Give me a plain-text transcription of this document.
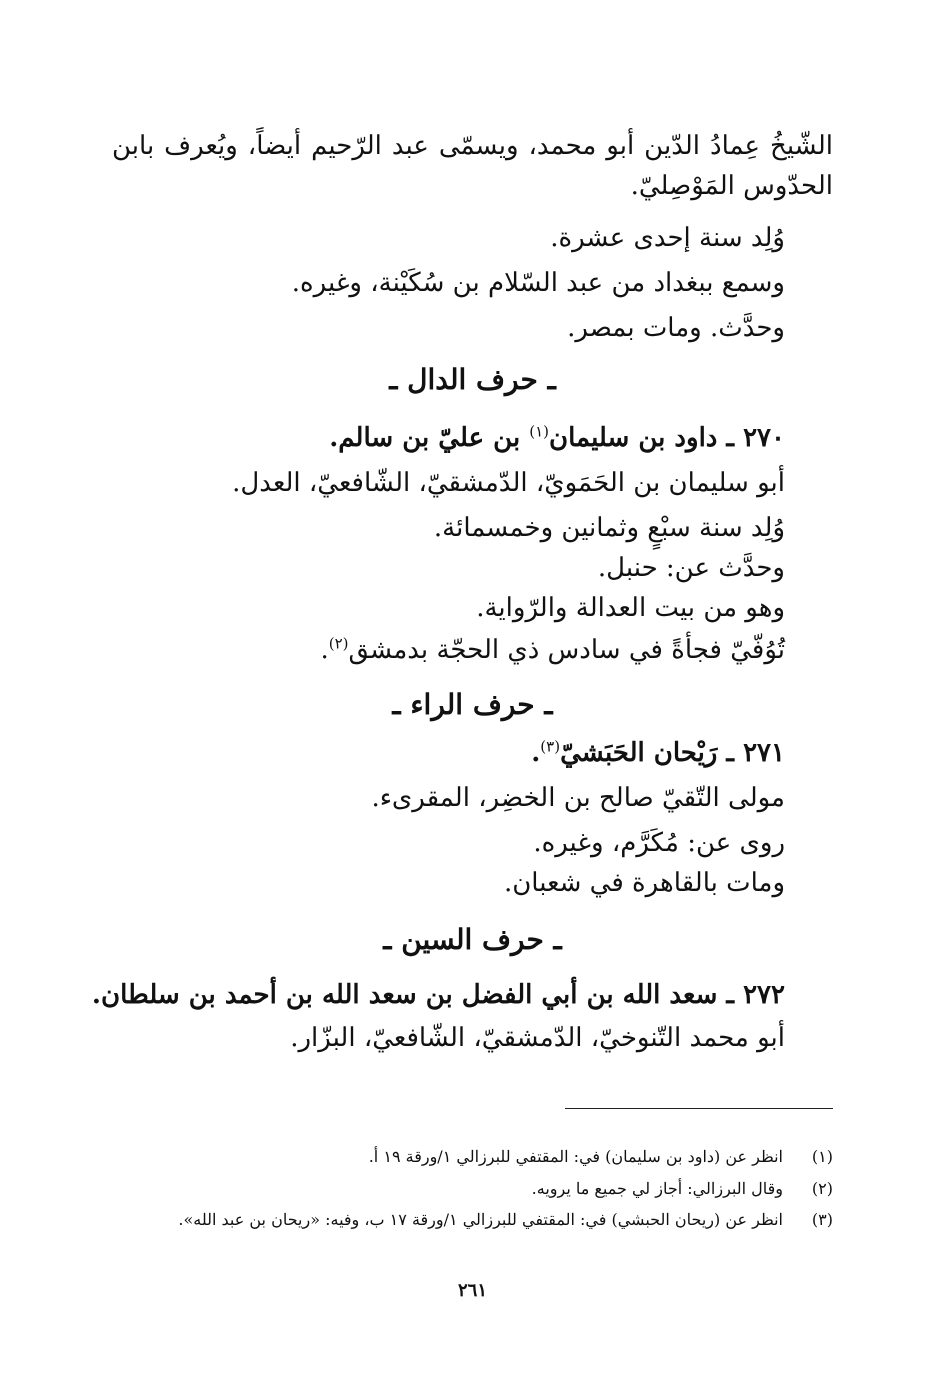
الشّيخُ عِمادُ الدّين أبو محمد، ويسمّى عبد الرّحيم أيضاً، ويُعرف بابن
الحدّوس المَوْصِليّ.
وُلِد سنة إحدى عشرة.
وسمع ببغداد من عبد السّلام بن سُكَيْنة، وغيره.
وحدَّث. ومات بمصر.
ـ حرف الدال ـ
٢٧٠ ـ داود بن سليمان$^{(١)}$ بن عليّ بن سالم.
أبو سليمان بن الحَمَويّ، الدّمشقيّ، الشّافعيّ، العدل.
وُلِد سنة سبْعٍ وثمانين وخمسمائة.
وحدَّث عن: حنبل.
وهو من بيت العدالة والرّواية.
تُوُفّيّ فجأةً في سادس ذي الحجّة بدمشق$^{(٢)}$.
ـ حرف الراء ـ
٢٧١ ـ رَيْحان الحَبَشيّ$^{(٣)}$.
مولى التّقيّ صالح بن الخضِر، المقرىء.
روى عن: مُكَرَّم، وغيره.
ومات بالقاهرة في شعبان.
ـ حرف السين ـ
٢٧٢ ـ سعد الله بن أبي الفضل بن سعد الله بن أحمد بن سلطان.
أبو محمد التّنوخيّ، الدّمشقيّ، الشّافعيّ، البزّار.
(١)انظر عن (داود بن سليمان) في: المقتفي للبرزالي ١/ورقة ١٩ أ.
(٢)وقال البرزالي: أجاز لي جميع ما يرويه.
(٣)انظر عن (ريحان الحبشي) في: المقتفي للبرزالي ١/ورقة ١٧ ب، وفيه: «ريحان بن عبد الله».
٢٦١
